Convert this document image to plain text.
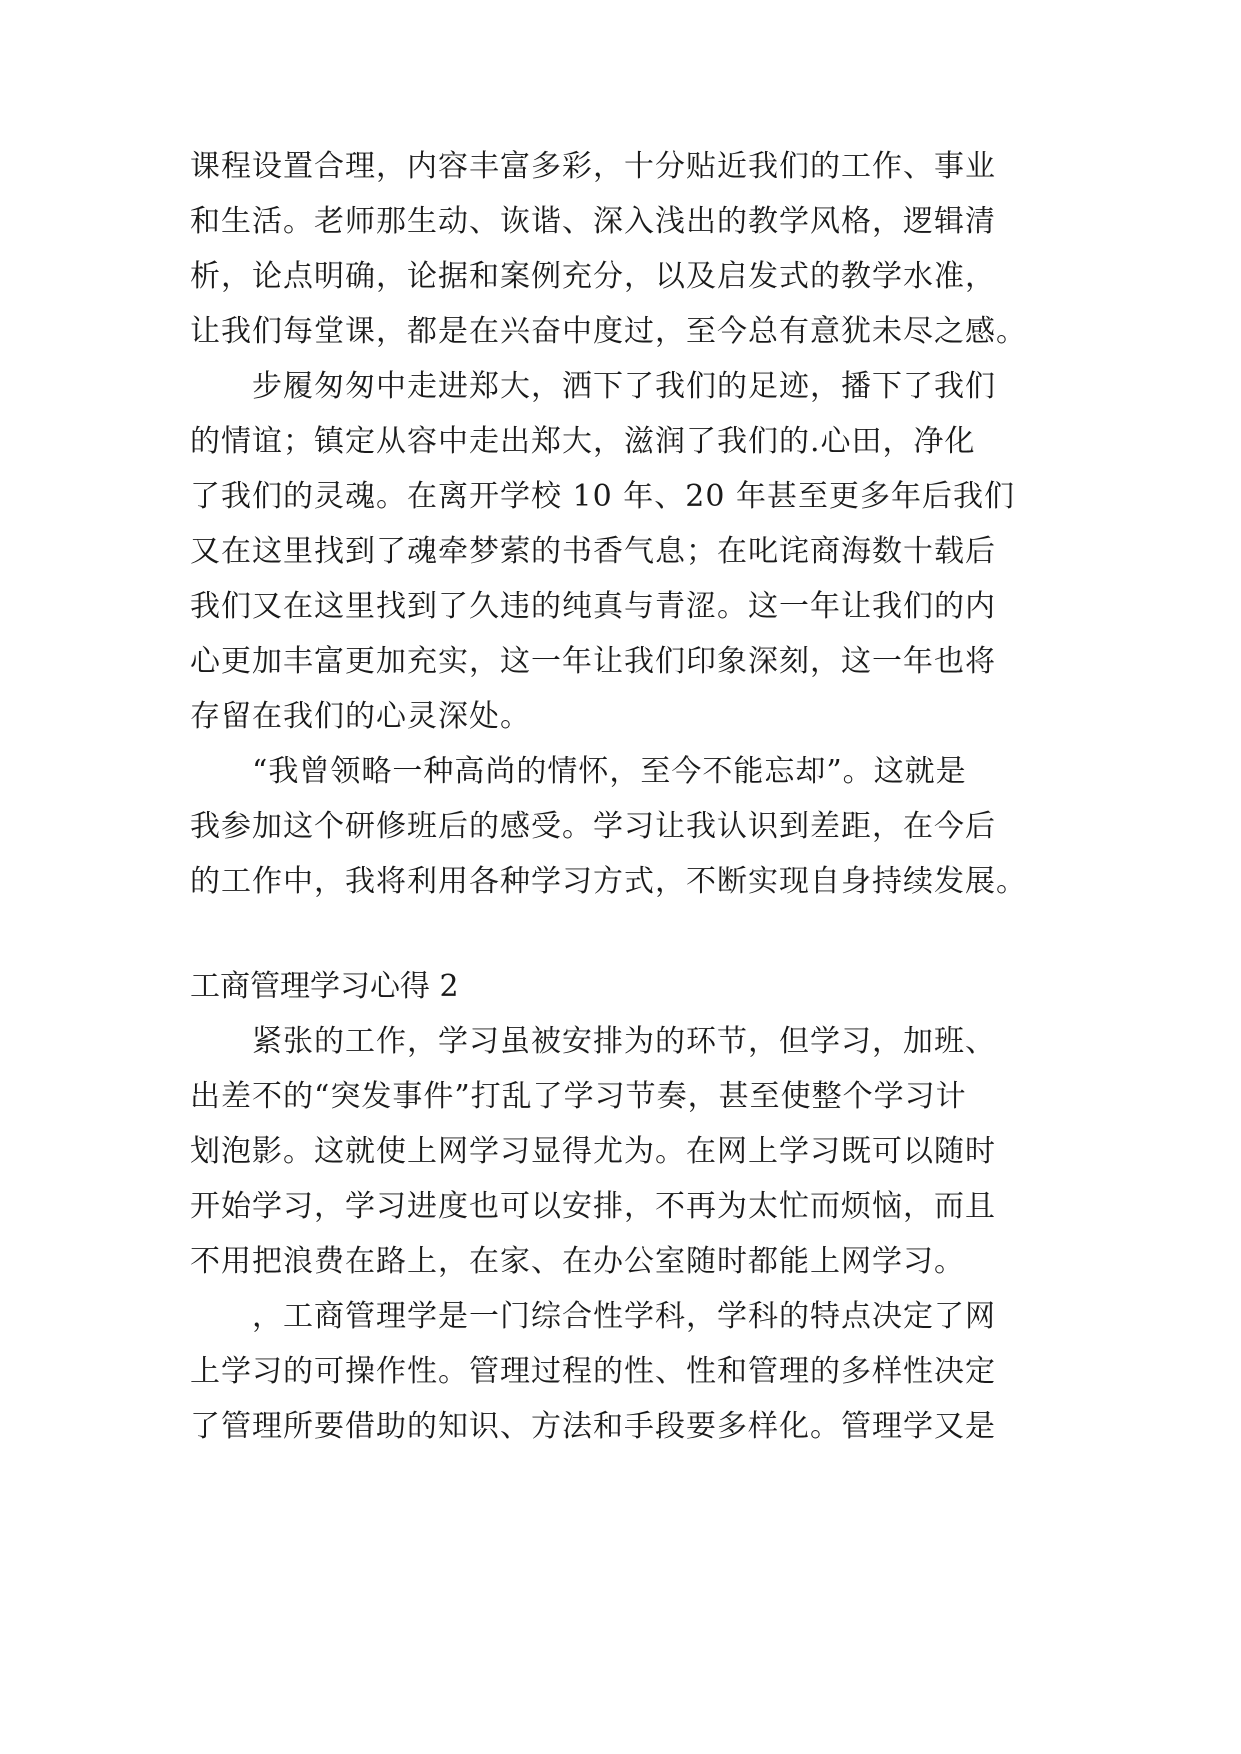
课程设置合理，内容丰富多彩，十分贴近我们的工作、事业
和生活。老师那生动、诙谐、深入浅出的教学风格，逻辑清
析，论点明确，论据和案例充分，以及启发式的教学水准，
让我们每堂课，都是在兴奋中度过，至今总有意犹未尽之感。
　　步履匆匆中走进郑大，洒下了我们的足迹，播下了我们
的情谊；镇定从容中走出郑大，滋润了我们的.心田，净化
了我们的灵魂。在离开学校 10 年、20 年甚至更多年后我们
又在这里找到了魂牵梦萦的书香气息；在叱诧商海数十载后
我们又在这里找到了久违的纯真与青涩。这一年让我们的内
心更加丰富更加充实，这一年让我们印象深刻，这一年也将
存留在我们的心灵深处。
　　“我曾领略一种高尚的情怀，至今不能忘却”。这就是
我参加这个研修班后的感受。学习让我认识到差距，在今后
的工作中，我将利用各种学习方式，不断实现自身持续发展。
工商管理学习心得 2
　　紧张的工作，学习虽被安排为的环节，但学习，加班、
出差不的“突发事件”打乱了学习节奏，甚至使整个学习计
划泡影。这就使上网学习显得尤为。在网上学习既可以随时
开始学习，学习进度也可以安排，不再为太忙而烦恼，而且
不用把浪费在路上，在家、在办公室随时都能上网学习。
　　，工商管理学是一门综合性学科，学科的特点决定了网
上学习的可操作性。管理过程的性、性和管理的多样性决定
了管理所要借助的知识、方法和手段要多样化。管理学又是
